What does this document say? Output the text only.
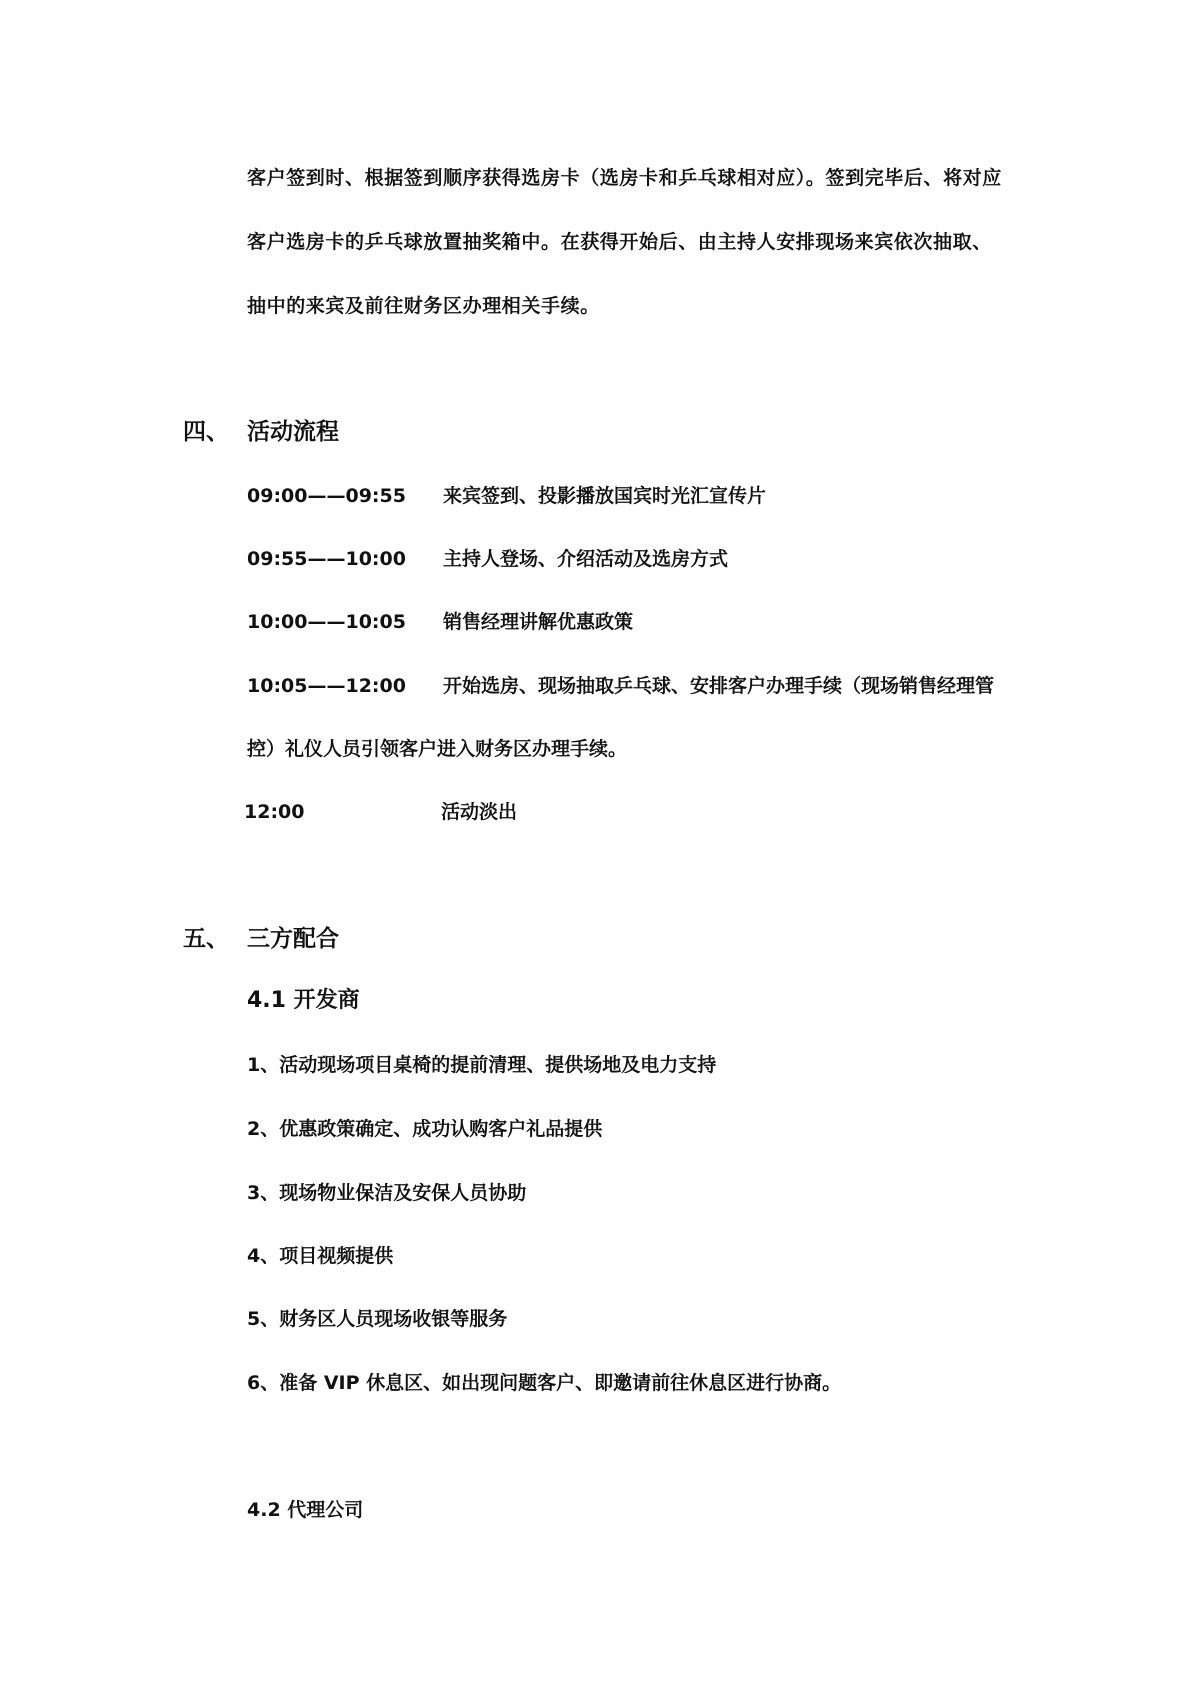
客户签到时、根据签到顺序获得选房卡（选房卡和乒乓球相对应）。签到完毕后、将对应
客户选房卡的乒乓球放置抽奖箱中。在获得开始后、由主持人安排现场来宾依次抽取、
抽中的来宾及前往财务区办理相关手续。
四、 活动流程
09:00——09:55 来宾签到、投影播放国宾时光汇宣传片
09:55——10:00 主持人登场、介绍活动及选房方式
10:00——10:05 销售经理讲解优惠政策
10:05——12:00 开始选房、现场抽取乒乓球、安排客户办理手续（现场销售经理管
控）礼仪人员引领客户进入财务区办理手续。
12:00	活动淡出
五、 三方配合
4.1 开发商
1、活动现场项目桌椅的提前清理、提供场地及电力支持
2、优惠政策确定、成功认购客户礼品提供
3、现场物业保洁及安保人员协助
4、项目视频提供
5、财务区人员现场收银等服务
6、准备 VIP 休息区、如出现问题客户、即邀请前往休息区进行协商。
4.2 代理公司
